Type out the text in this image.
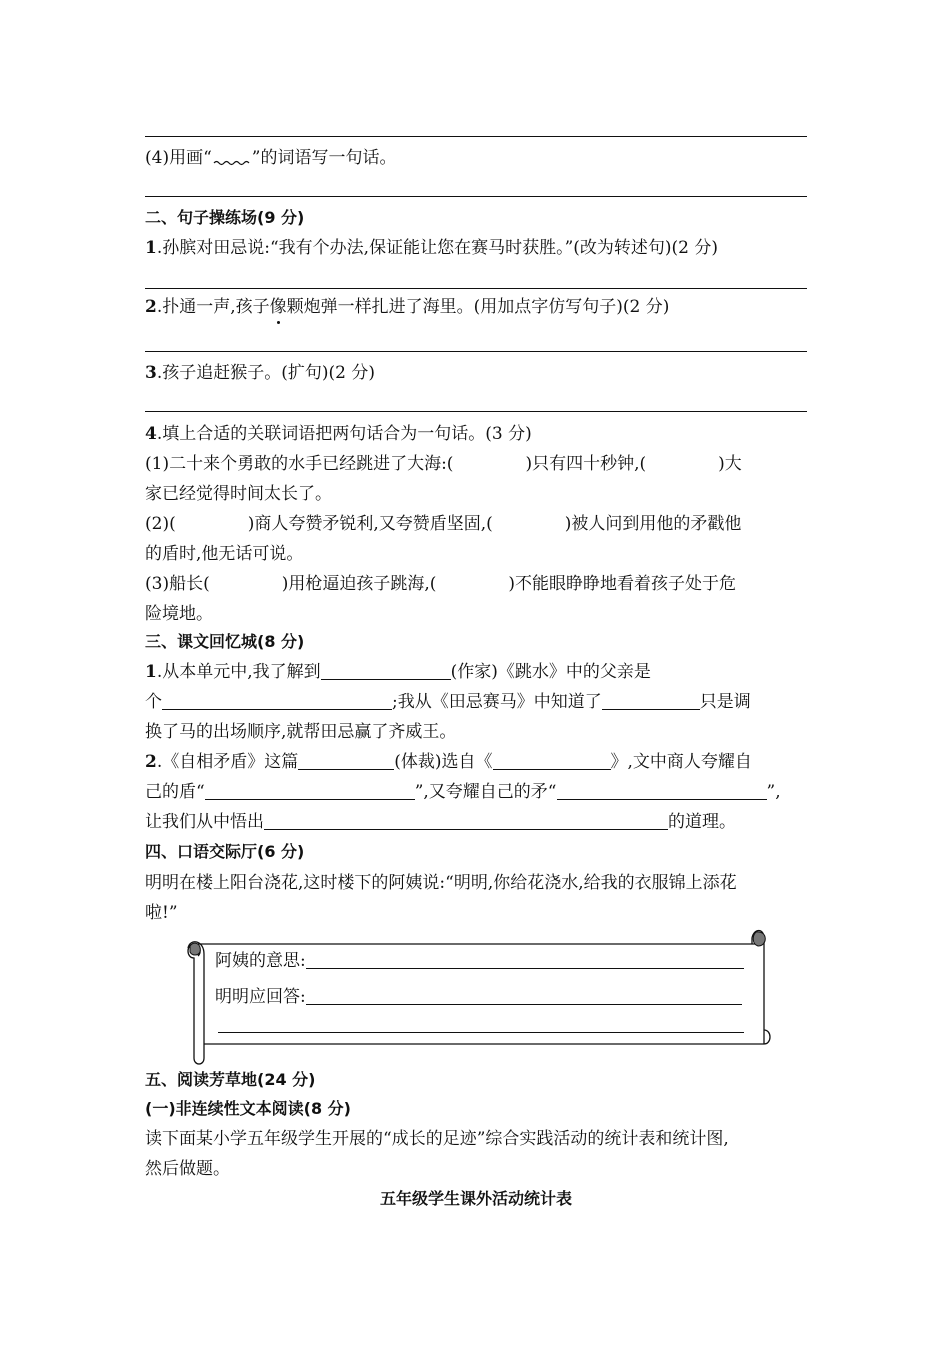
(4)用画“ ”的词语写一句话。
二、句子操练场(9 分)
1.孙膑对田忌说:“我有个办法,保证能让您在赛马时获胜。”(改为转述句)(2 分)
2.扑通一声,孩子像颗炮弹一样扎进了海里。(用加点字仿写句子)(2 分)
3.孩子追赶猴子。(扩句)(2 分)
4.填上合适的关联词语把两句话合为一句话。(3 分)
(1)二十来个勇敢的水手已经跳进了大海:(	)只有四十秒钟,(	)大
家已经觉得时间太长了。
(2)(	)商人夸赞矛锐利,又夸赞盾坚固,(	)被人问到用他的矛戳他
的盾时,他无话可说。
(3)船长(	)用枪逼迫孩子跳海,(	)不能眼睁睁地看着孩子处于危
险境地。
三、课文回忆城(8 分)
1.从本单元中,我了解到	(作家)《跳水》中的父亲是
个	;我从《田忌赛马》中知道了	只是调
换了马的出场顺序,就帮田忌赢了齐威王。
2.《自相矛盾》这篇	(体裁)选自《	》,文中商人夸耀自
己的盾“	”,又夸耀自己的矛“	”,
让我们从中悟出	的道理。
四、口语交际厅(6 分)
明明在楼上阳台浇花,这时楼下的阿姨说:“明明,你给花浇水,给我的衣服锦上添花
啦!”
阿姨的意思:
明明应回答:
五、阅读芳草地(24 分)
(一)非连续性文本阅读(8 分)
读下面某小学五年级学生开展的“成长的足迹”综合实践活动的统计表和统计图,
然后做题。
五年级学生课外活动统计表
